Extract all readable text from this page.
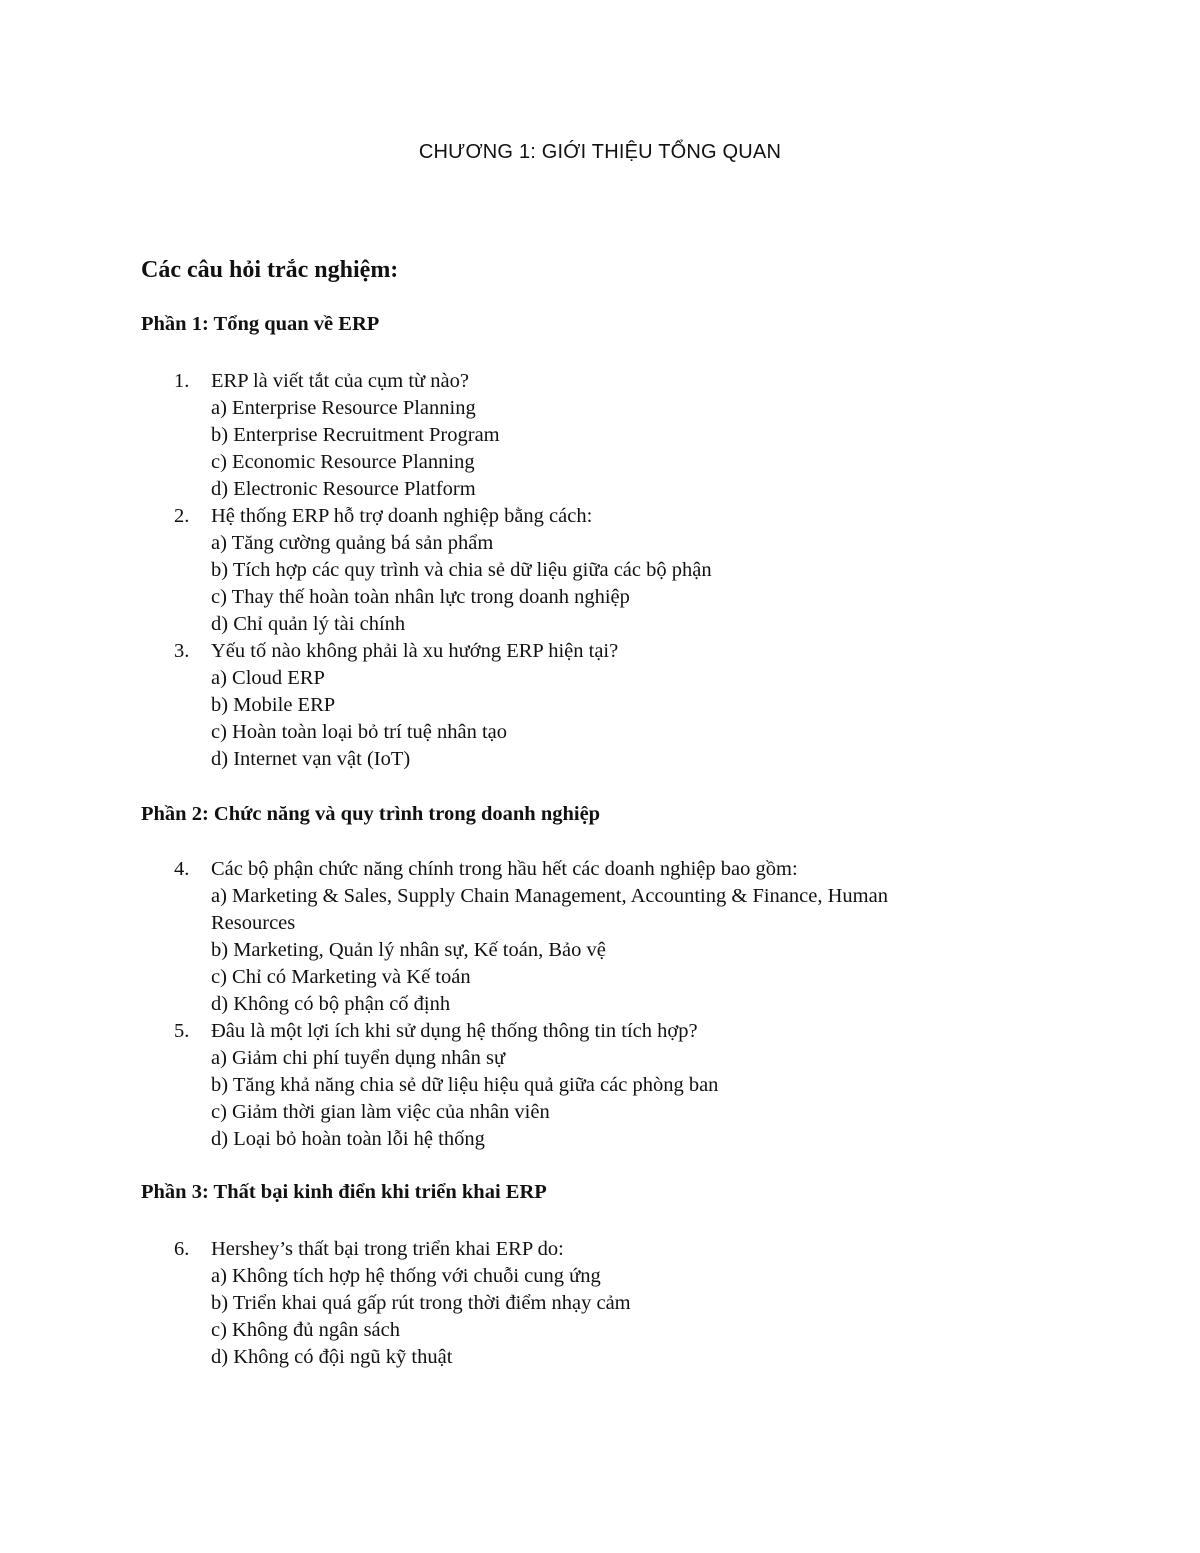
CHƯƠNG 1: GIỚI THIỆU TỔNG QUAN
Các câu hỏi trắc nghiệm:
Phần 1: Tổng quan về ERP
1. ERP là viết tắt của cụm từ nào?
a) Enterprise Resource Planning
b) Enterprise Recruitment Program
c) Economic Resource Planning
d) Electronic Resource Platform
2. Hệ thống ERP hỗ trợ doanh nghiệp bằng cách:
a) Tăng cường quảng bá sản phẩm
b) Tích hợp các quy trình và chia sẻ dữ liệu giữa các bộ phận
c) Thay thế hoàn toàn nhân lực trong doanh nghiệp
d) Chỉ quản lý tài chính
3. Yếu tố nào không phải là xu hướng ERP hiện tại?
a) Cloud ERP
b) Mobile ERP
c) Hoàn toàn loại bỏ trí tuệ nhân tạo
d) Internet vạn vật (IoT)
Phần 2: Chức năng và quy trình trong doanh nghiệp
4. Các bộ phận chức năng chính trong hầu hết các doanh nghiệp bao gồm:
a) Marketing & Sales, Supply Chain Management, Accounting & Finance, Human
Resources
b) Marketing, Quản lý nhân sự, Kế toán, Bảo vệ
c) Chỉ có Marketing và Kế toán
d) Không có bộ phận cố định
5. Đâu là một lợi ích khi sử dụng hệ thống thông tin tích hợp?
a) Giảm chi phí tuyển dụng nhân sự
b) Tăng khả năng chia sẻ dữ liệu hiệu quả giữa các phòng ban
c) Giảm thời gian làm việc của nhân viên
d) Loại bỏ hoàn toàn lỗi hệ thống
Phần 3: Thất bại kinh điển khi triển khai ERP
6. Hershey’s thất bại trong triển khai ERP do:
a) Không tích hợp hệ thống với chuỗi cung ứng
b) Triển khai quá gấp rút trong thời điểm nhạy cảm
c) Không đủ ngân sách
d) Không có đội ngũ kỹ thuật
